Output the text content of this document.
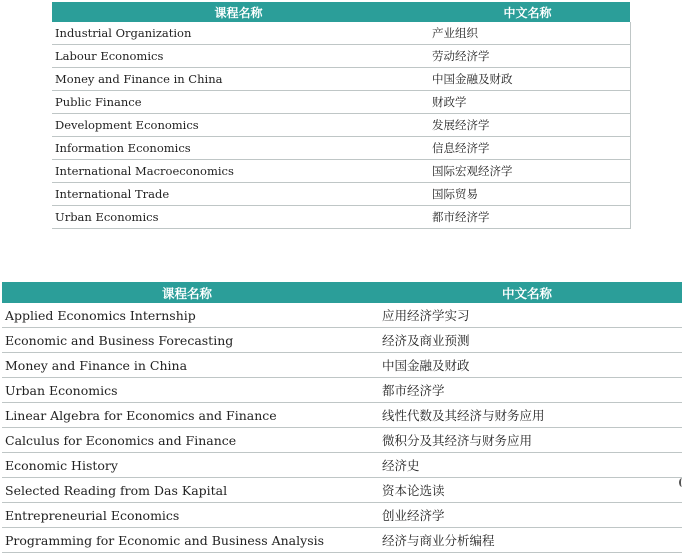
课程名称	中文名称
Industrial Organization	产业组织
Labour Economics	劳动经济学
Money and Finance in China	中国金融及财政
Public Finance	财政学
Development Economics	发展经济学
Information Economics	信息经济学
International Macroeconomics	国际宏观经济学
International Trade	国际贸易
Urban Economics	都市经济学
课程名称	中文名称
Applied Economics Internship	应用经济学实习
Economic and Business Forecasting	经济及商业预测
Money and Finance in China	中国金融及财政
Urban Economics	都市经济学
Linear Algebra for Economics and Finance	线性代数及其经济与财务应用
Calculus for Economics and Finance	微积分及其经济与财务应用
Economic History	经济史
Selected Reading from Das Kapital	资本论选读
Entrepreneurial Economics	创业经济学
Programming for Economic and Business Analysis	经济与商业分析编程
